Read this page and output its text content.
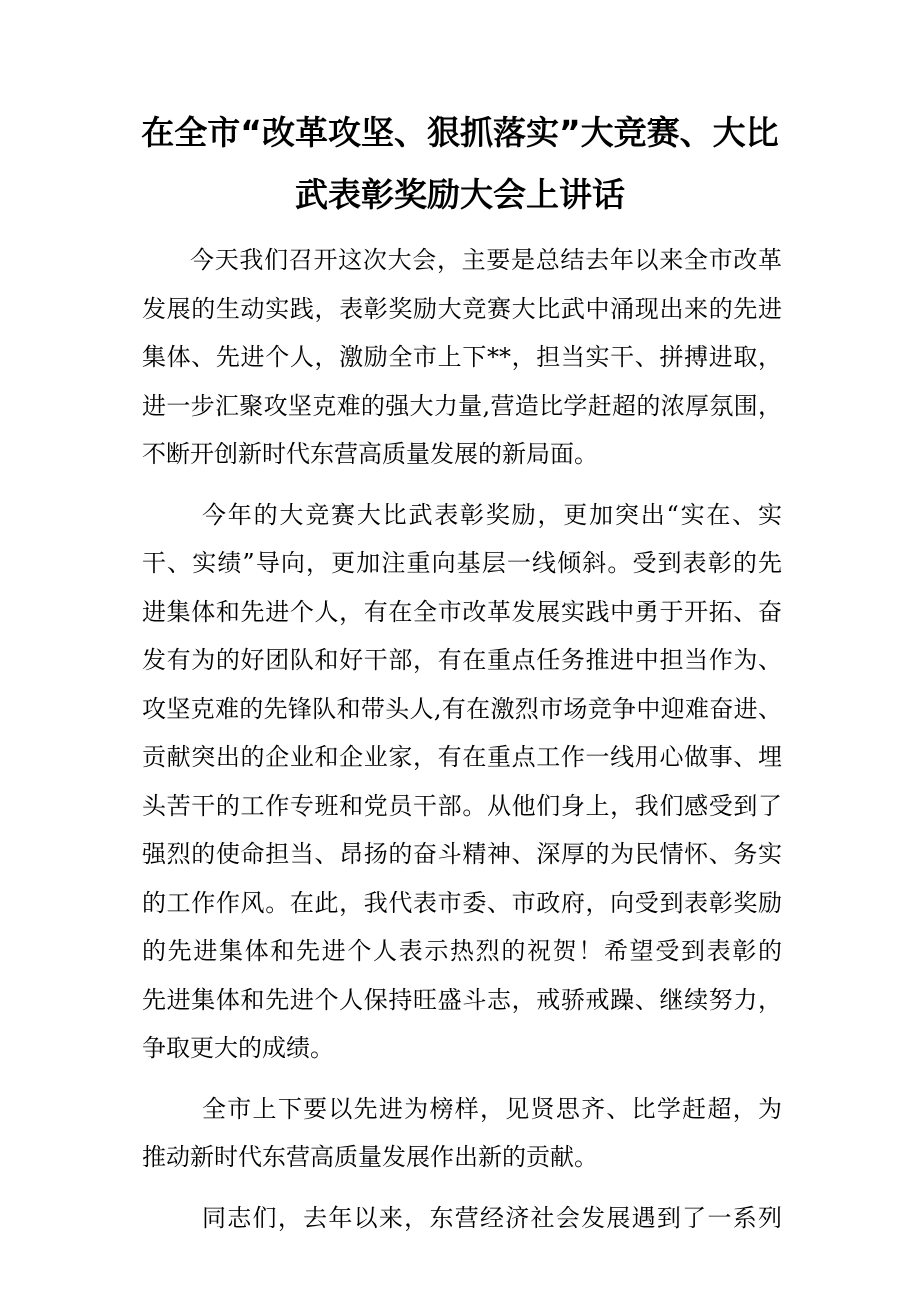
在全市“改革攻坚、狠抓落实”大竞赛、大比
武表彰奖励大会上讲话
今天我们召开这次大会，主要是总结去年以来全市改革
发展的生动实践，表彰奖励大竞赛大比武中涌现出来的先进
集体、先进个人，激励全市上下**，担当实干、拼搏进取，
进一步汇聚攻坚克难的强大力量,营造比学赶超的浓厚氛围，
不断开创新时代东营高质量发展的新局面。
今年的大竞赛大比武表彰奖励，更加突出“实在、实
干、实绩”导向，更加注重向基层一线倾斜。受到表彰的先
进集体和先进个人，有在全市改革发展实践中勇于开拓、奋
发有为的好团队和好干部，有在重点任务推进中担当作为、
攻坚克难的先锋队和带头人,有在激烈市场竞争中迎难奋进、
贡献突出的企业和企业家，有在重点工作一线用心做事、埋
头苦干的工作专班和党员干部。从他们身上，我们感受到了
强烈的使命担当、昂扬的奋斗精神、深厚的为民情怀、务实
的工作作风。在此，我代表市委、市政府，向受到表彰奖励
的先进集体和先进个人表示热烈的祝贺！希望受到表彰的
先进集体和先进个人保持旺盛斗志，戒骄戒躁、继续努力，
争取更大的成绩。
全市上下要以先进为榜样，见贤思齐、比学赶超，为
推动新时代东营高质量发展作出新的贡献。
同志们，去年以来，东营经济社会发展遇到了一系列
